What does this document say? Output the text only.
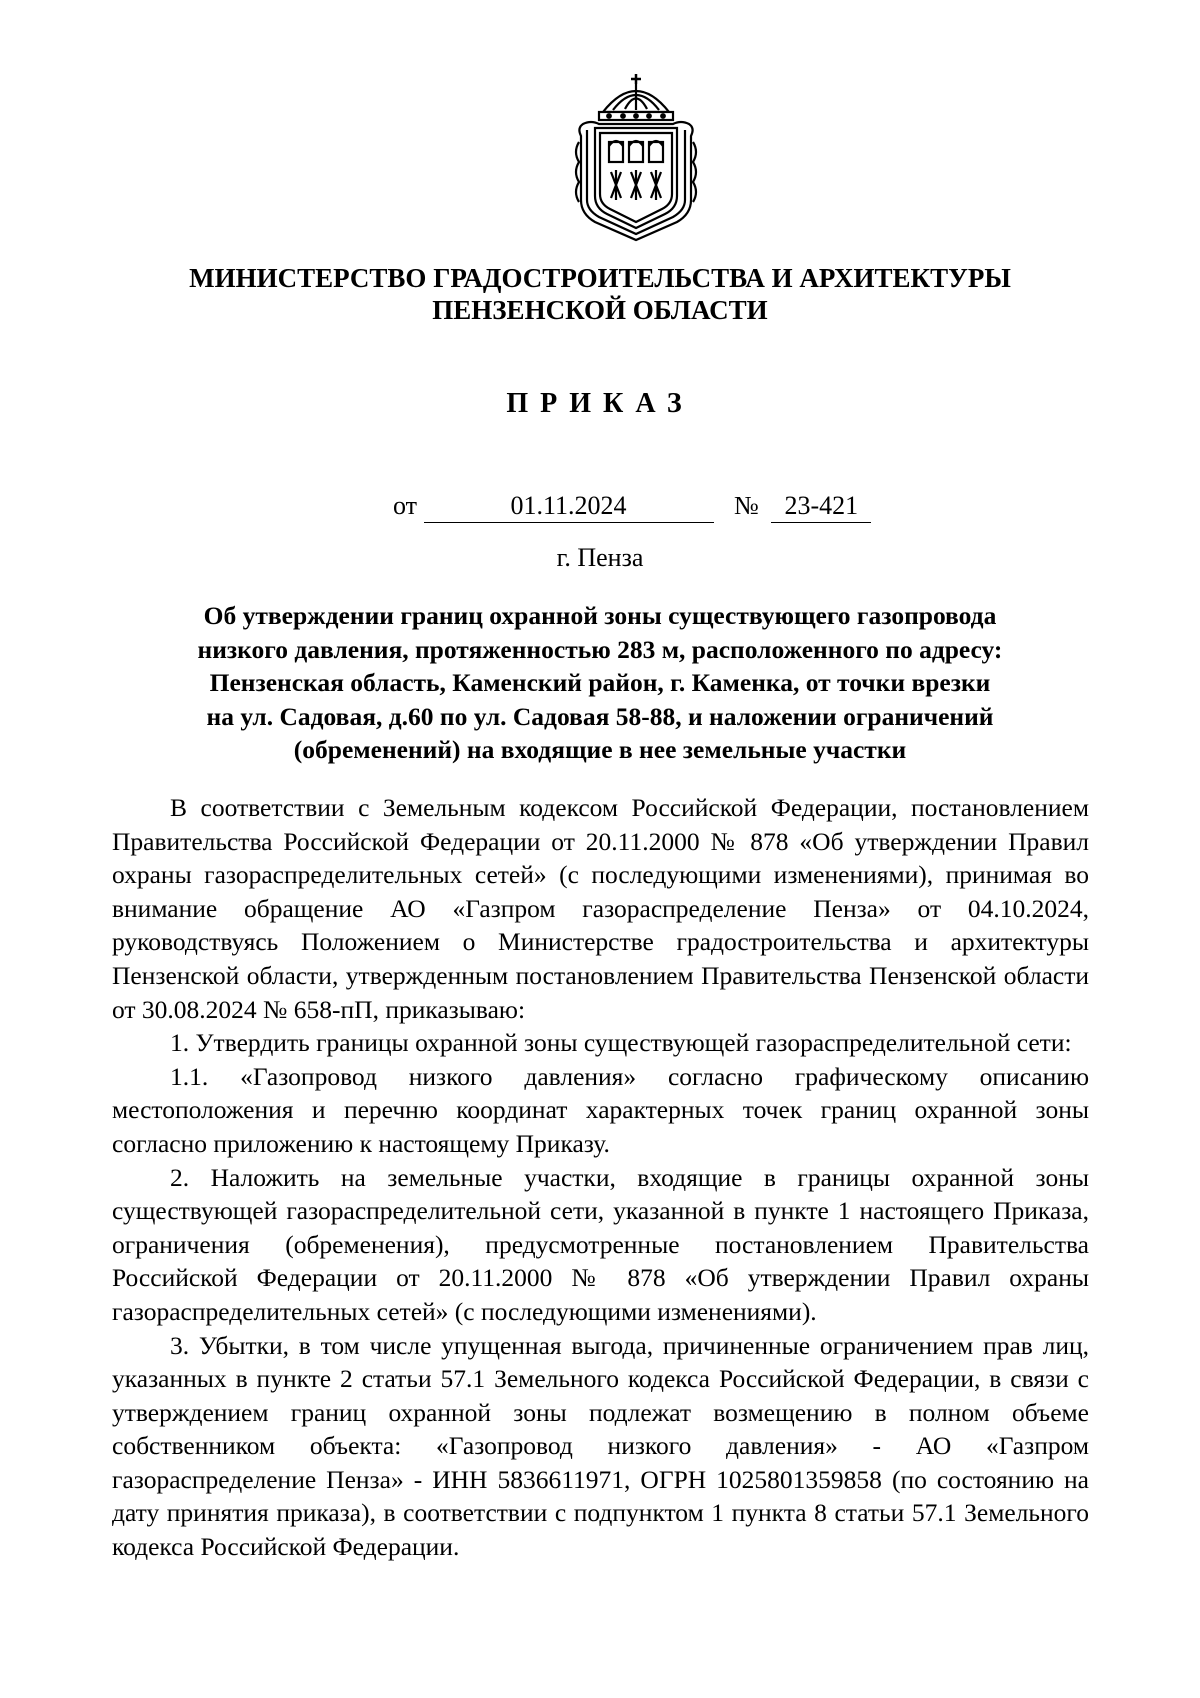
МИНИСТЕРСТВО ГРАДОСТРОИТЕЛЬСТВА И АРХИТЕКТУРЫ
ПЕНЗЕНСКОЙ ОБЛАСТИ
ПРИКАЗ
от	01.11.2024	№ 23-421
г. Пенза
Об утверждении границ охранной зоны существующего газопровода
низкого давления, протяженностью 283 м, расположенного по адресу:
Пензенская область, Каменский район, г. Каменка, от точки врезки
на ул. Садовая, д.60 по ул. Садовая 58-88, и наложении ограничений
(обременений) на входящие в нее земельные участки

В соответствии с Земельным кодексом Российской Федерации, постановлением Правительства Российской Федерации от 20.11.2000 № 878 «Об утверждении Правил охраны газораспределительных сетей» (с последующими изменениями), принимая во внимание обращение АО «Газпром газораспределение Пенза» от 04.10.2024, руководствуясь Положением о Министерстве градостроительства и архитектуры Пензенской области, утвержденным постановлением Правительства Пензенской области от 30.08.2024 № 658-пП, приказываю:

1. Утвердить границы охранной зоны существующей газораспределительной сети:

1.1. «Газопровод низкого давления» согласно графическому описанию местоположения и перечню координат характерных точек границ охранной зоны согласно приложению к настоящему Приказу.

2. Наложить на земельные участки, входящие в границы охранной зоны существующей газораспределительной сети, указанной в пункте 1 настоящего Приказа, ограничения (обременения), предусмотренные постановлением Правительства Российской Федерации от 20.11.2000 № 878 «Об утверждении Правил охраны газораспределительных сетей» (с последующими изменениями).

3. Убытки, в том числе упущенная выгода, причиненные ограничением прав лиц, указанных в пункте 2 статьи 57.1 Земельного кодекса Российской Федерации, в связи с утверждением границ охранной зоны подлежат возмещению в полном объеме собственником объекта: «Газопровод низкого давления» - АО «Газпром газораспределение Пенза» - ИНН 5836611971, ОГРН 1025801359858 (по состоянию на дату принятия приказа), в соответствии с подпунктом 1 пункта 8 статьи 57.1 Земельного кодекса Российской Федерации.
